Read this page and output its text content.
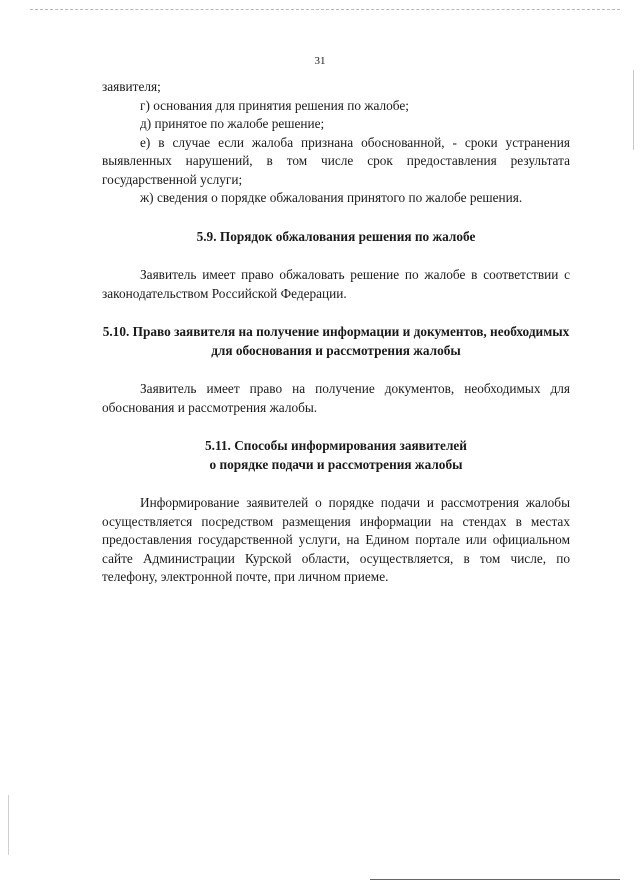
31

заявителя;

г) основания для принятия решения по жалобе;

д) принятое по жалобе решение;

е) в случае если жалоба признана обоснованной, - сроки устранения выявленных нарушений, в том числе срок предоставления результата государственной услуги;

ж) сведения о порядке обжалования принятого по жалобе решения.

5.9. Порядок обжалования решения по жалобе

Заявитель имеет право обжаловать решение по жалобе в соответствии с законодательством Российской Федерации.

5.10. Право заявителя на получение информации и документов, необходимых для обоснования и рассмотрения жалобы

Заявитель имеет право на получение документов, необходимых для обоснования и рассмотрения жалобы.

5.11. Способы информирования заявителей
о порядке подачи и рассмотрения жалобы

Информирование заявителей о порядке подачи и рассмотрения жалобы осуществляется посредством размещения информации на стендах в местах предоставления государственной услуги, на Едином портале или официальном сайте Администрации Курской области, осуществляется, в том числе, по телефону, электронной почте, при личном приеме.
